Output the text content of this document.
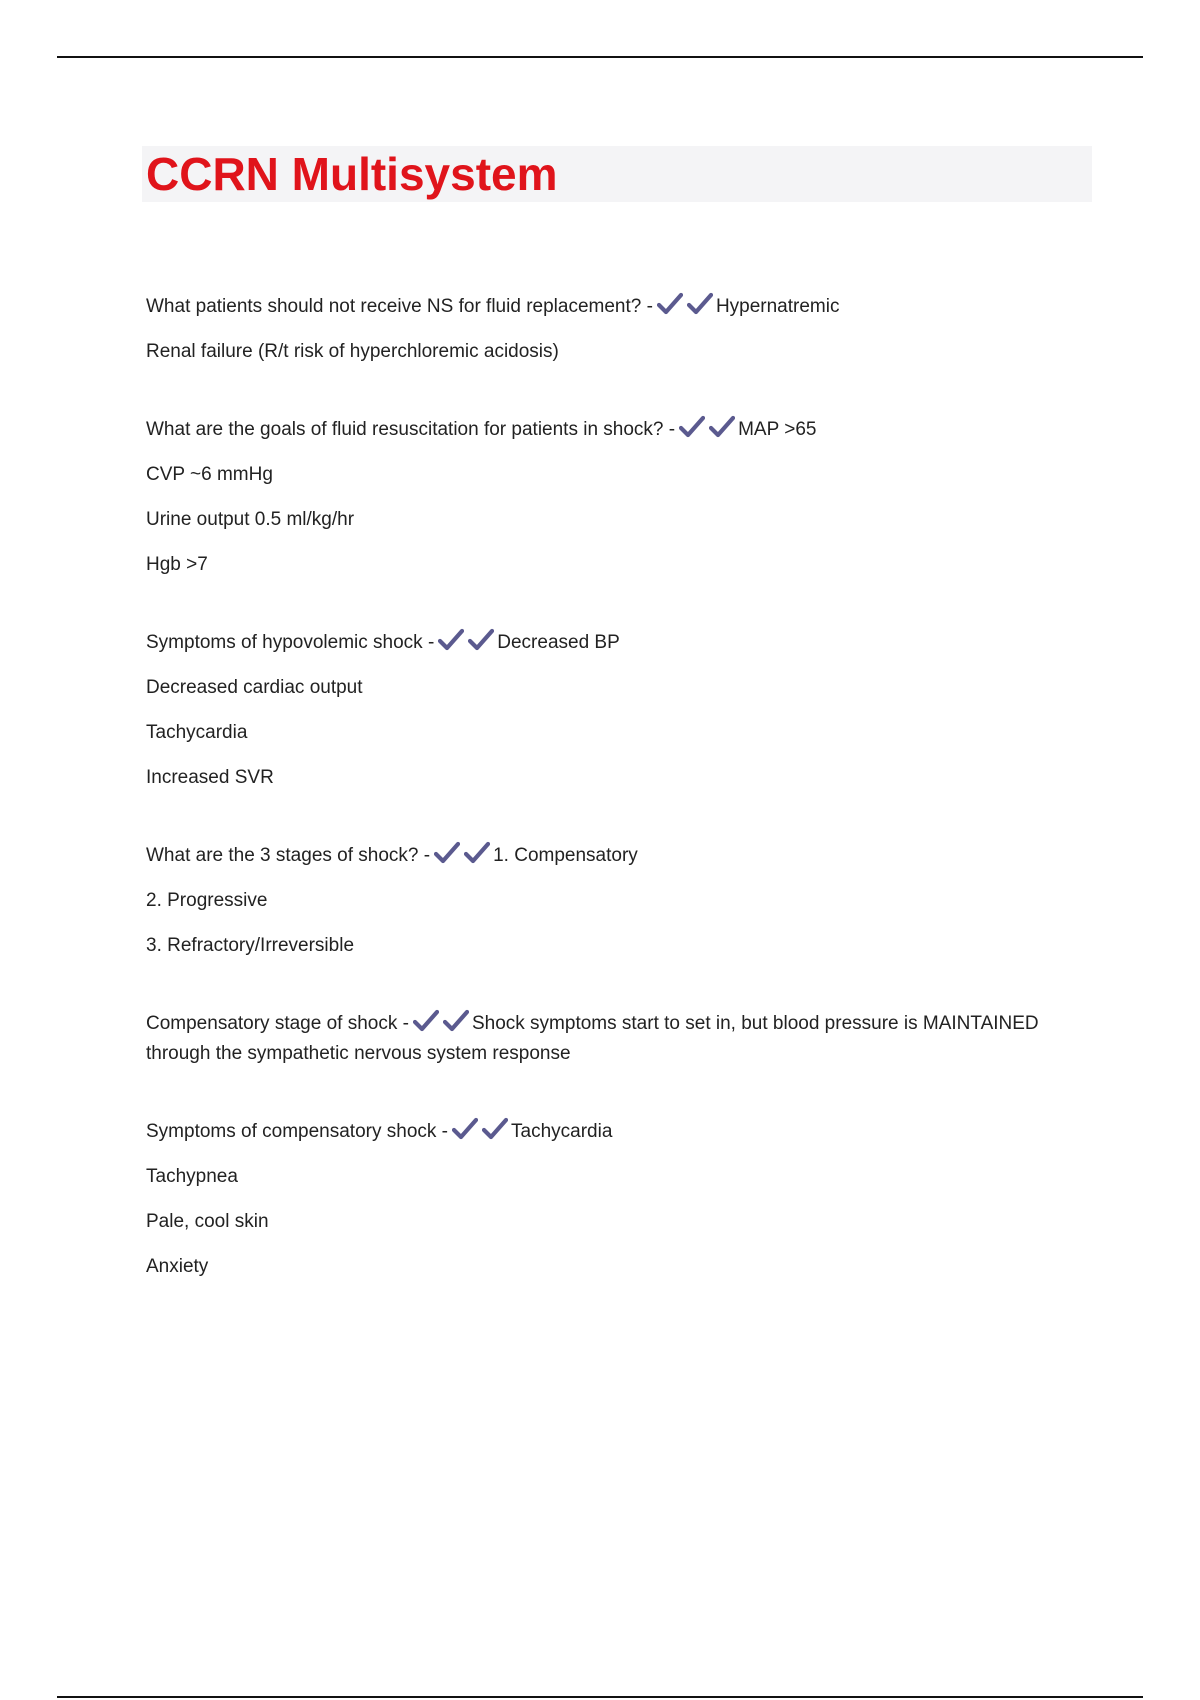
CCRN Multisystem
What patients should not receive NS for fluid replacement? -	Hypernatremic
Renal failure (R/t risk of hyperchloremic acidosis)
What are the goals of fluid resuscitation for patients in shock? -	MAP >65
CVP ~6 mmHg
Urine output 0.5 ml/kg/hr
Hgb >7
Symptoms of hypovolemic shock -	Decreased BP
Decreased cardiac output
Tachycardia
Increased SVR
What are the 3 stages of shock? -	1. Compensatory
2. Progressive
3. Refractory/Irreversible
Compensatory stage of shock -	Shock symptoms start to set in, but blood pressure is MAINTAINED through the sympathetic nervous system response
Symptoms of compensatory shock -	Tachycardia
Tachypnea
Pale, cool skin
Anxiety
